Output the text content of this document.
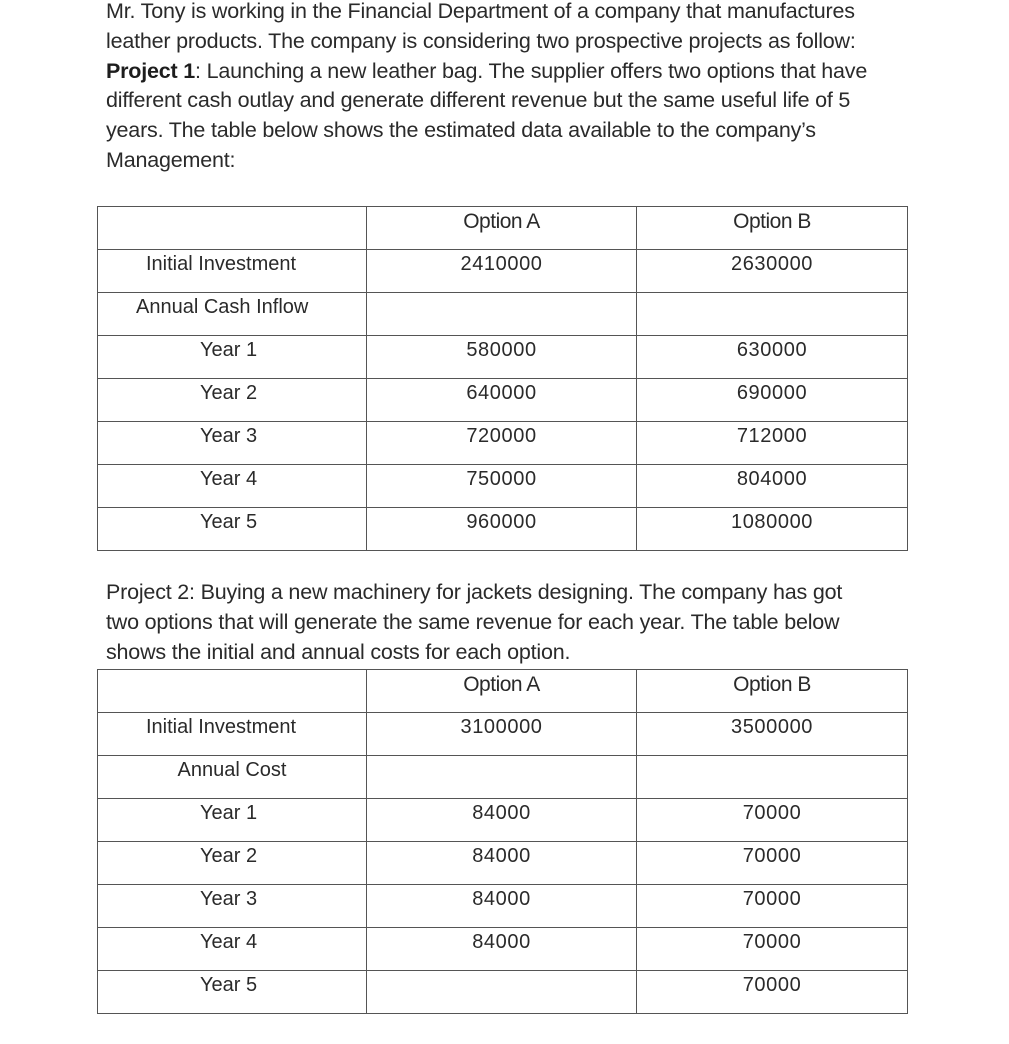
Mr. Tony is working in the Financial Department of a company that manufactures

leather products. The company is considering two prospective projects as follow:

Project 1: Launching a new leather bag. The supplier offers two options that have

different cash outlay and generate different revenue but the same useful life of 5

years. The table below shows the estimated data available to the company’s

Management:

	Option A	Option B

Initial Investment	2410000	2630000

Annual Cash Inflow		

Year 1	580000	630000

Year 2	640000	690000

Year 3	720000	712000

Year 4	750000	804000

Year 5	960000	1080000

Project 2: Buying a new machinery for jackets designing. The company has got

two options that will generate the same revenue for each year. The table below

shows the initial and annual costs for each option.

	Option A	Option B

Initial Investment	3100000	3500000

Annual Cost		

Year 1	84000	70000

Year 2	84000	70000

Year 3	84000	70000

Year 4	84000	70000

Year 5		70000
